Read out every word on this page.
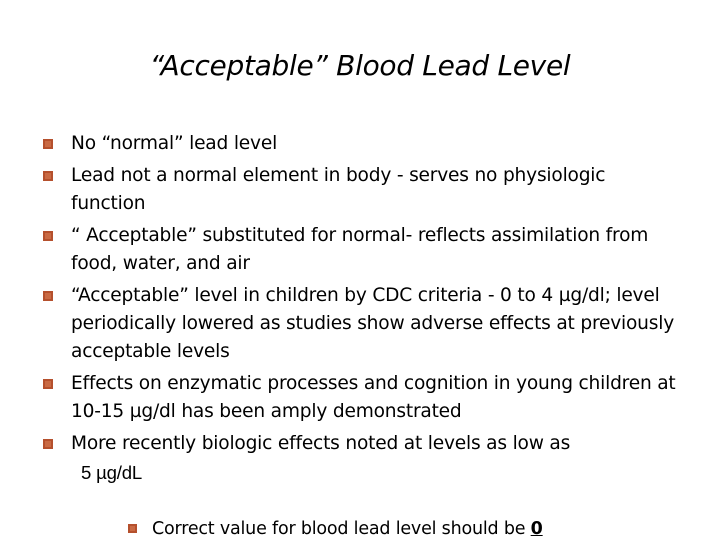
“Acceptable” Blood Lead Level
No “normal” lead level
Lead not a normal element in body - serves no physiologic function
“ Acceptable” substituted for normal- reflects assimilation from food, water, and air
“Acceptable” level in children by CDC criteria - 0 to 4 µg/dl; level periodically lowered as studies show adverse effects at previously acceptable levels
Effects on enzymatic processes and cognition in young children at 10-15 µg/dl has been amply demonstrated
More recently biologic effects noted at levels as low as
5 µg/dL
Correct value for blood lead level should be 0
